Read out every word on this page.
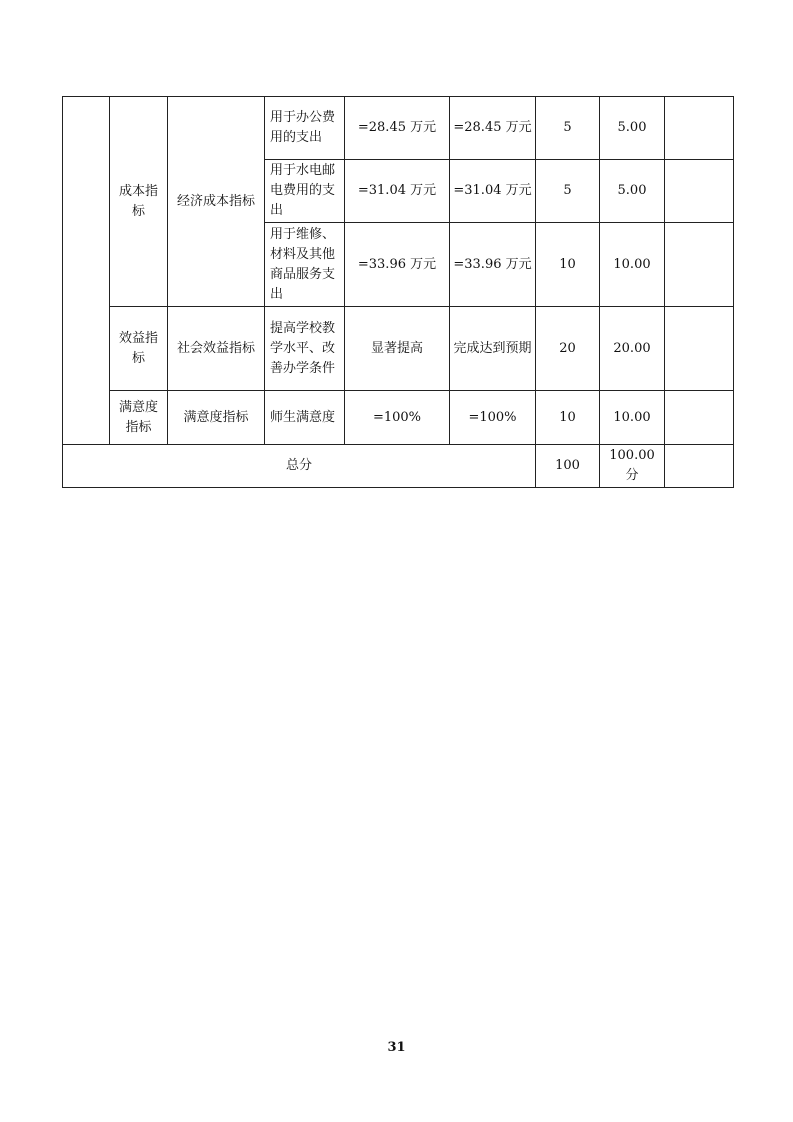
	成本指标	经济成本指标	用于办公费用的支出	=28.45 万元	=28.45 万元	5	5.00	
			用于水电邮电费用的支出	=31.04 万元	=31.04 万元	5	5.00	
			用于维修、材料及其他商品服务支出	=33.96 万元	=33.96 万元	10	10.00	
	效益指标	社会效益指标	提高学校教学水平、改善办学条件	显著提高	完成达到预期	20	20.00	
	满意度指标	满意度指标	师生满意度	=100%	=100%	10	10.00	
总分						100	100.00分	
31
